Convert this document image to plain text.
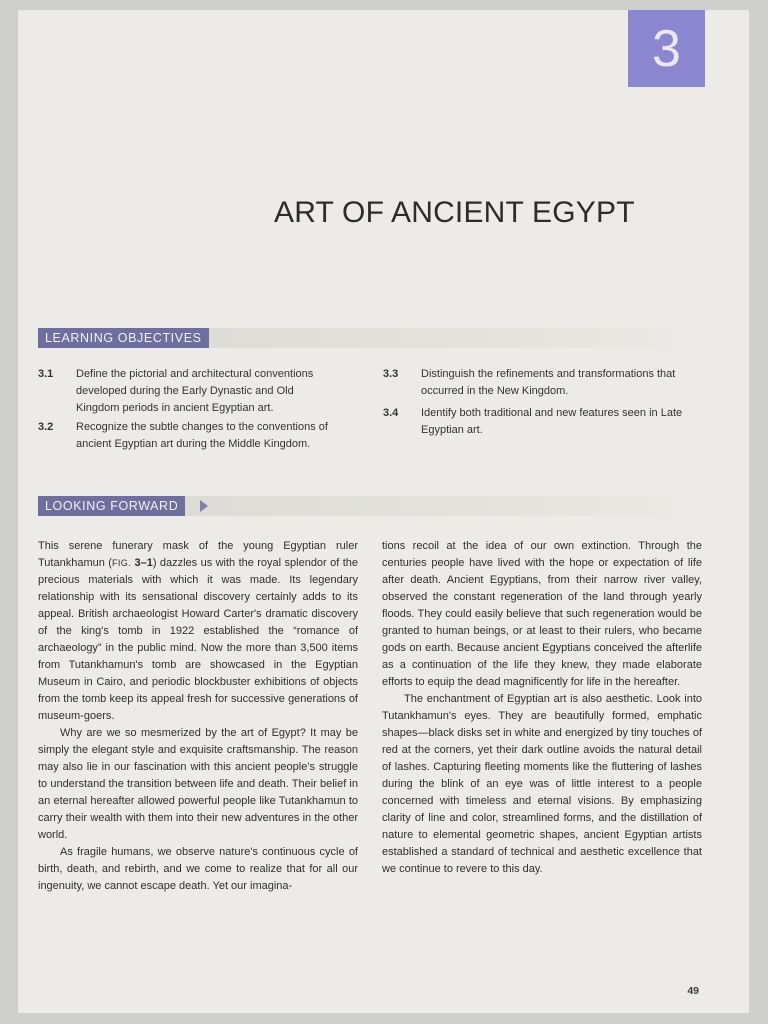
3
ART OF ANCIENT EGYPT
LEARNING OBJECTIVES
3.1	Define the pictorial and architectural conventions developed during the Early Dynastic and Old Kingdom periods in ancient Egyptian art.
3.2	Recognize the subtle changes to the conventions of ancient Egyptian art during the Middle Kingdom.
3.3	Distinguish the refinements and transformations that occurred in the New Kingdom.
3.4	Identify both traditional and new features seen in Late Egyptian art.
LOOKING FORWARD

This serene funerary mask of the young Egyptian ruler Tutankhamun (FIG. 3–1) dazzles us with the royal splendor of the precious materials with which it was made. Its legendary relationship with its sensational discovery certainly adds to its appeal. British archaeologist Howard Carter's dramatic discovery of the king's tomb in 1922 established the “romance of archaeology” in the public mind. Now the more than 3,500 items from Tutankhamun's tomb are showcased in the Egyptian Museum in Cairo, and periodic blockbuster exhibitions of objects from the tomb keep its appeal fresh for successive generations of museum-goers.

Why are we so mesmerized by the art of Egypt? It may be simply the elegant style and exquisite craftsmanship. The reason may also lie in our fascination with this ancient people's struggle to understand the transition between life and death. Their belief in an eternal hereafter allowed powerful people like Tutankhamun to carry their wealth with them into their new adventures in the other world.

As fragile humans, we observe nature's continuous cycle of birth, death, and rebirth, and we come to realize that for all our ingenuity, we cannot escape death. Yet our imagina-

tions recoil at the idea of our own extinction. Through the centuries people have lived with the hope or expectation of life after death. Ancient Egyptians, from their narrow river valley, observed the constant regeneration of the land through yearly floods. They could easily believe that such regeneration would be granted to human beings, or at least to their rulers, who became gods on earth. Because ancient Egyptians conceived the afterlife as a continuation of the life they knew, they made elaborate efforts to equip the dead magnificently for life in the hereafter.

The enchantment of Egyptian art is also aesthetic. Look into Tutankhamun's eyes. They are beautifully formed, emphatic shapes—black disks set in white and energized by tiny touches of red at the corners, yet their dark outline avoids the natural detail of lashes. Capturing fleeting moments like the fluttering of lashes during the blink of an eye was of little interest to a people concerned with timeless and eternal visions. By emphasizing clarity of line and color, streamlined forms, and the distillation of nature to elemental geometric shapes, ancient Egyptian artists established a standard of technical and aesthetic excellence that we continue to revere to this day.

49
